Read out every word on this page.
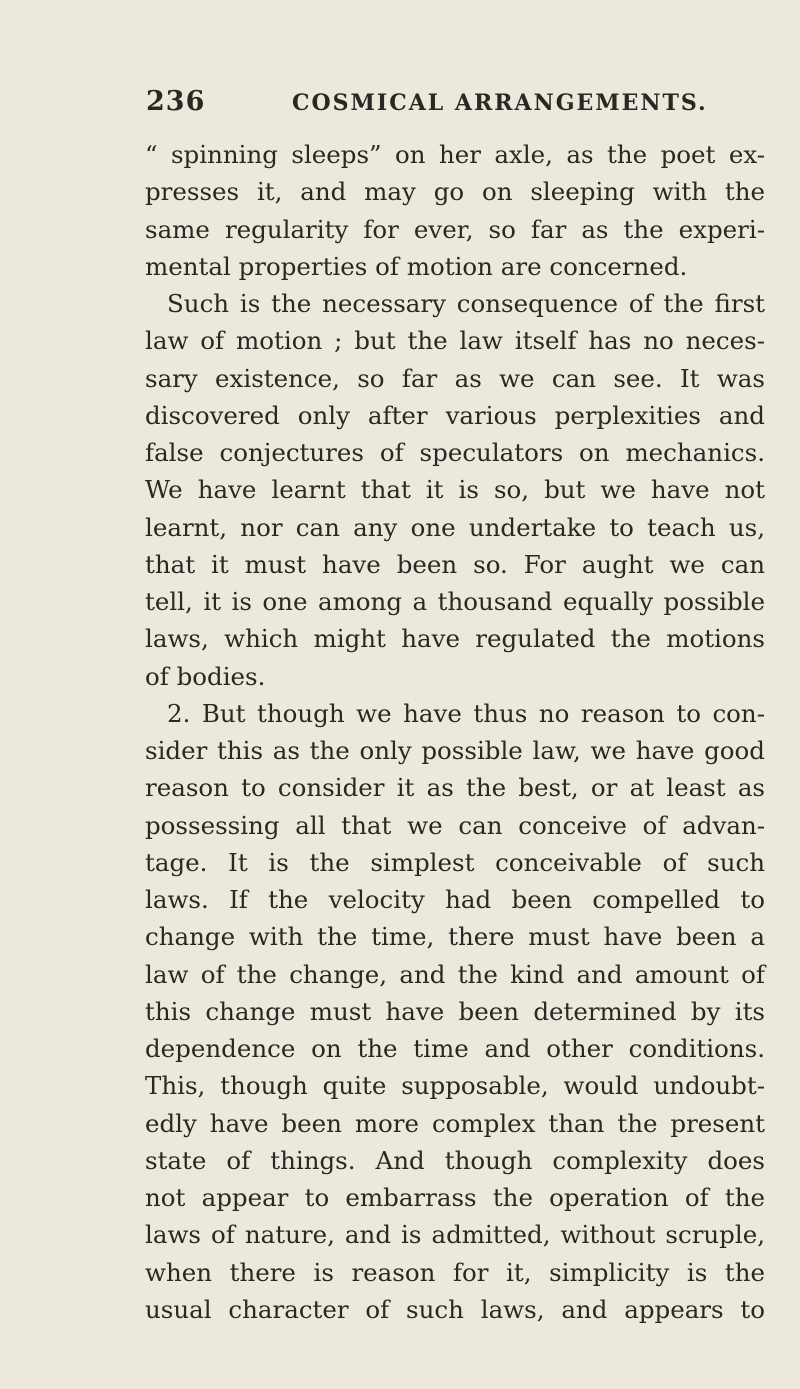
236	COSMICAL ARRANGEMENTS.
“ spinning sleeps” on her axle, as the poet ex-
presses it, and may go on sleeping with the
same regularity for ever, so far as the experi-
mental properties of motion are concerned.
Such is the necessary consequence of the first
law of motion ; but the law itself has no neces-
sary existence, so far as we can see. It was
discovered only after various perplexities and
false conjectures of speculators on mechanics.
We have learnt that it is so, but we have not
learnt, nor can any one undertake to teach us,
that it must have been so. For aught we can
tell, it is one among a thousand equally possible
laws, which might have regulated the motions
of bodies.
2. But though we have thus no reason to con-
sider this as the only possible law, we have good
reason to consider it as the best, or at least as
possessing all that we can conceive of advan-
tage. It is the simplest conceivable of such
laws. If the velocity had been compelled to
change with the time, there must have been a
law of the change, and the kind and amount of
this change must have been determined by its
dependence on the time and other conditions.
This, though quite supposable, would undoubt-
edly have been more complex than the present
state of things. And though complexity does
not appear to embarrass the operation of the
laws of nature, and is admitted, without scruple,
when there is reason for it, simplicity is the
usual character of such laws, and appears to
